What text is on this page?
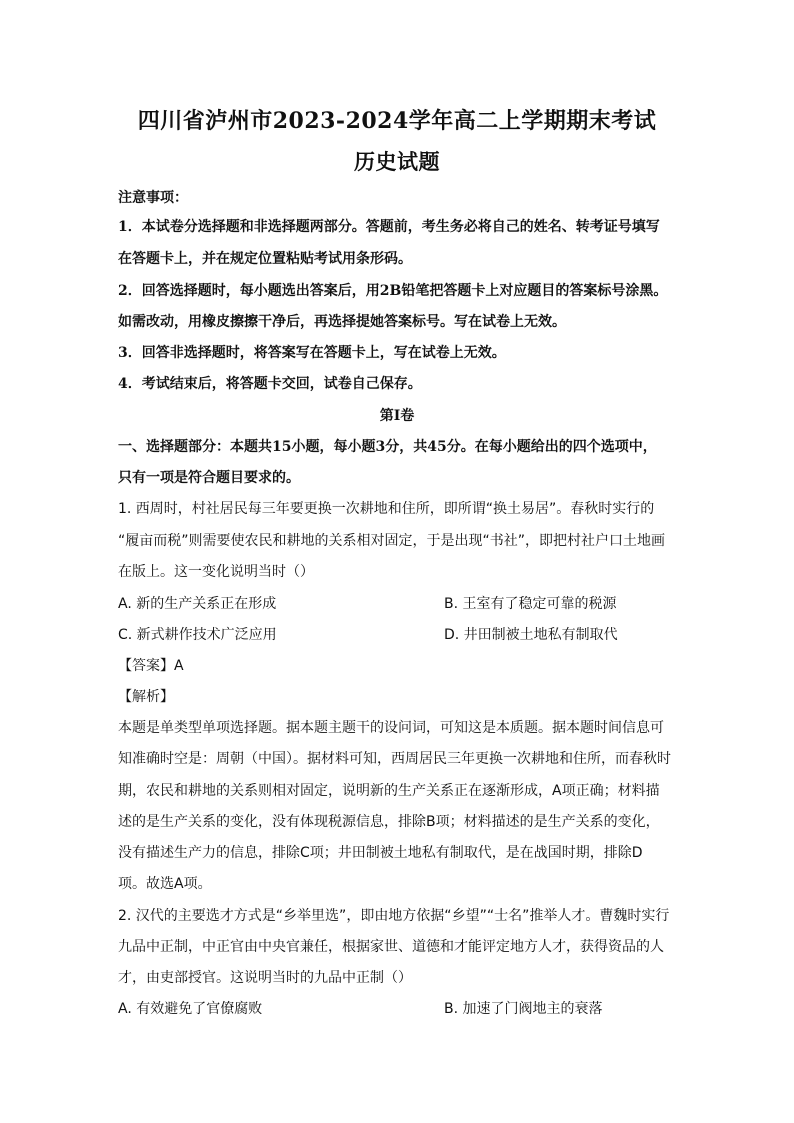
四川省泸州市2023-2024学年高二上学期期末考试
历史试题
注意事项：
1．本试卷分选择题和非选择题两部分。答题前，考生务必将自己的姓名、转考证号填写
在答题卡上，并在规定位置粘贴考试用条形码。
2．回答选择题时，每小题选出答案后，用2B铅笔把答题卡上对应题目的答案标号涂黑。
如需改动，用橡皮擦擦干净后，再选择提她答案标号。写在试卷上无效。
3．回答非选择题时，将答案写在答题卡上，写在试卷上无效。
4．考试结束后，将答题卡交回，试卷自己保存。
第Ⅰ卷
一、选择题部分：本题共15小题，每小题3分，共45分。在每小题给出的四个选项中，
只有一项是符合题目要求的。
1. 西周时，村社居民每三年要更换一次耕地和住所，即所谓“换土易居”。春秋时实行的
“履亩而税”则需要使农民和耕地的关系相对固定，于是出现“书社”，即把村社户口土地画
在版上。这一变化说明当时（）
A. 新的生产关系正在形成	B. 王室有了稳定可靠的税源
C. 新式耕作技术广泛应用	D. 井田制被土地私有制取代
【答案】A
【解析】
本题是单类型单项选择题。据本题主题干的设问词，可知这是本质题。据本题时间信息可
知准确时空是：周朝（中国）。据材料可知，西周居民三年更换一次耕地和住所，而春秋时
期，农民和耕地的关系则相对固定，说明新的生产关系正在逐渐形成，A项正确；材料描
述的是生产关系的变化，没有体现税源信息，排除B项；材料描述的是生产关系的变化，
没有描述生产力的信息，排除C项；井田制被土地私有制取代，是在战国时期，排除D
项。故选A项。
2. 汉代的主要选才方式是“乡举里选”，即由地方依据“乡望”“士名”推举人才。曹魏时实行
九品中正制，中正官由中央官兼任，根据家世、道德和才能评定地方人才，获得资品的人
才，由吏部授官。这说明当时的九品中正制（）
A. 有效避免了官僚腐败	B. 加速了门阀地主的衰落
